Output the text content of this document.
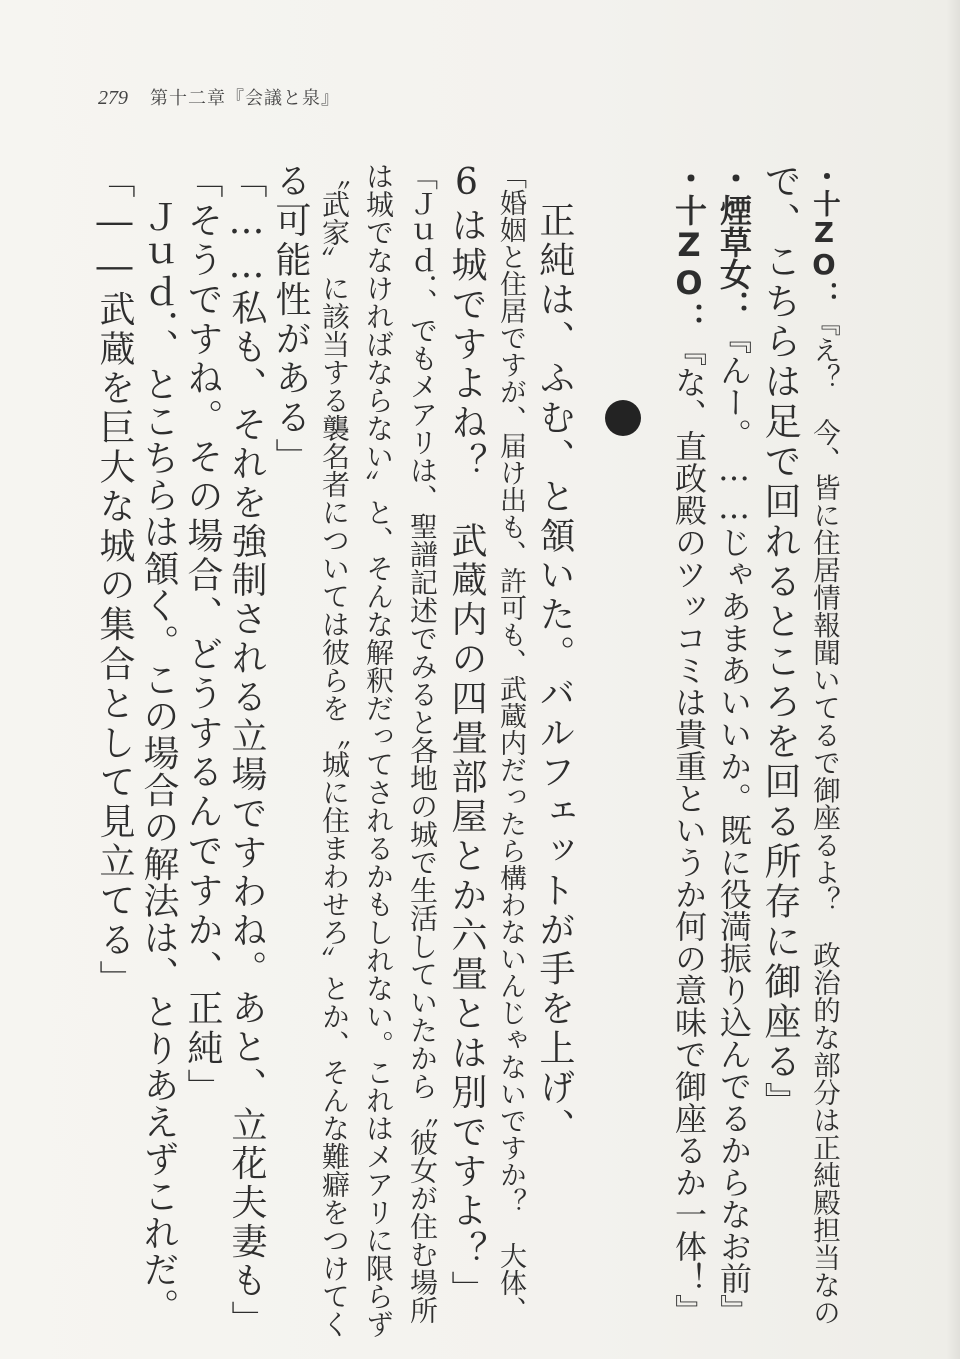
279 第十二章『会議と泉』
・十ZO：『え？　今、皆に住居情報聞いてるで御座るよ？　政治的な部分は正純殿担当なの
で、こちらは足で回れるところを回る所存に御座る』
・煙草女：『んー。……じゃあまあいいか。既に役満振り込んでるからなお前』
・十ZO：『な、直政殿のツッコミは貴重というか何の意味で御座るか一体！』
　正純は、ふむ、と頷いた。バルフェットが手を上げ、
「婚姻と住居ですが、届け出も、許可も、武蔵内だったら構わないんじゃないですか？　大体、
6は城ですよね？　武蔵内の四畳部屋とか六畳とは別ですよ？」
「Ｊｕｄ．、でもメアリは、聖譜記述でみると各地の城で生活していたから〝彼女が住む場所
は城でなければならない〟と、そんな解釈だってされるかもしれない。これはメアリに限らず
〝武家〟に該当する襲名者については彼らを〝城に住まわせろ〟とか、そんな難癖をつけてく
る可能性がある」
「……私も、それを強制される立場ですわね。あと、立花夫妻も」
「そうですね。その場合、どうするんですか、正純」
　Ｊｕｄ．、とこちらは頷く。この場合の解法は、とりあえずこれだ。
「――武蔵を巨大な城の集合として見立てる」
